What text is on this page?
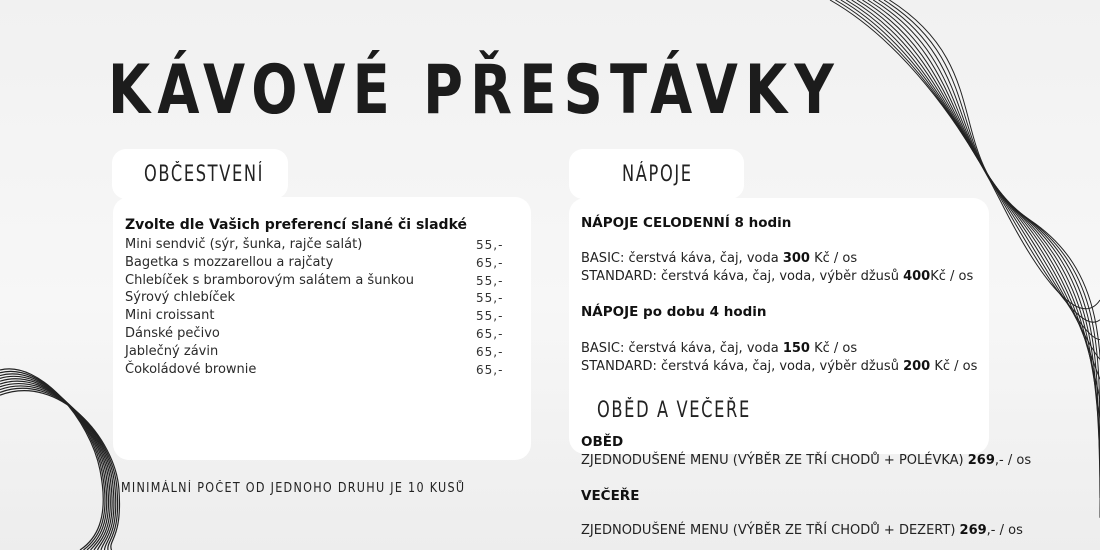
KÁVOVÉ PŘESTÁVKY
OBČESTVENÍ
Zvolte dle Vašich preferencí slané či sladké
Mini sendvič (sýr, šunka, rajče salát)	55,-
Bagetka s mozzarellou a rajčaty	65,-
Chlebíček s bramborovým salátem a šunkou	55,-
Sýrový chlebíček	55,-
Mini croissant	55,-
Dánské pečivo	65,-
Jablečný závin	65,-
Čokoládové brownie	65,-
MINIMÁLNÍ POČET OD JEDNOHO DRUHU JE 10 KUSŮ
NÁPOJE
NÁPOJE CELODENNÍ 8 hodin
BASIC: čerstvá káva, čaj, voda 300 Kč / os
STANDARD: čerstvá káva, čaj, voda, výběr džusů 400Kč / os
NÁPOJE po dobu 4 hodin
BASIC: čerstvá káva, čaj, voda 150 Kč / os
STANDARD: čerstvá káva, čaj, voda, výběr džusů 200 Kč / os
OBĚD A VEČEŘE
OBĚD
ZJEDNODUŠENÉ MENU (VÝBĚR ZE TŘÍ CHODŮ + POLÉVKA) 269,- / os
VEČEŘE
ZJEDNODUŠENÉ MENU (VÝBĚR ZE TŘÍ CHODŮ + DEZERT) 269,- / os
